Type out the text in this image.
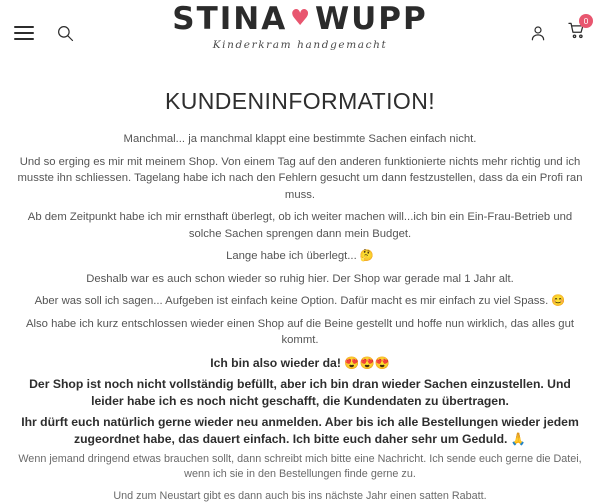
STINA ♥ WUPP
Kinderkram handgemacht
0
KUNDENINFORMATION!

Manchmal... ja manchmal klappt eine bestimmte Sachen einfach nicht.

Und so erging es mir mit meinem Shop. Von einem Tag auf den anderen funktionierte nichts mehr richtig und ich musste ihn schliessen. Tagelang habe ich nach den Fehlern gesucht um dann festzustellen, dass da ein Profi ran muss.

Ab dem Zeitpunkt habe ich mir ernsthaft überlegt, ob ich weiter machen will...ich bin ein Ein-Frau-Betrieb und solche Sachen sprengen dann mein Budget.

Lange habe ich überlegt... 🤔

Deshalb war es auch schon wieder so ruhig hier. Der Shop war gerade mal 1 Jahr alt.

Aber was soll ich sagen... Aufgeben ist einfach keine Option. Dafür macht es mir einfach zu viel Spass. 😊

Also habe ich kurz entschlossen wieder einen Shop auf die Beine gestellt und hoffe nun wirklich, das alles gut kommt.

Ich bin also wieder da! 😍😍😍

Der Shop ist noch nicht vollständig befüllt, aber ich bin dran wieder Sachen einzustellen. Und leider habe ich es noch nicht geschafft, die Kundendaten zu übertragen.

Ihr dürft euch natürlich gerne wieder neu anmelden. Aber bis ich alle Bestellungen wieder jedem zugeordnet habe, das dauert einfach. Ich bitte euch daher sehr um Geduld. 🙏

Wenn jemand dringend etwas brauchen sollt, dann schreibt mich bitte eine Nachricht. Ich sende euch gerne die Datei, wenn ich sie in den Bestellungen finde gerne zu.

Und zum Neustart gibt es dann auch bis ins nächste Jahr einen satten Rabatt.
